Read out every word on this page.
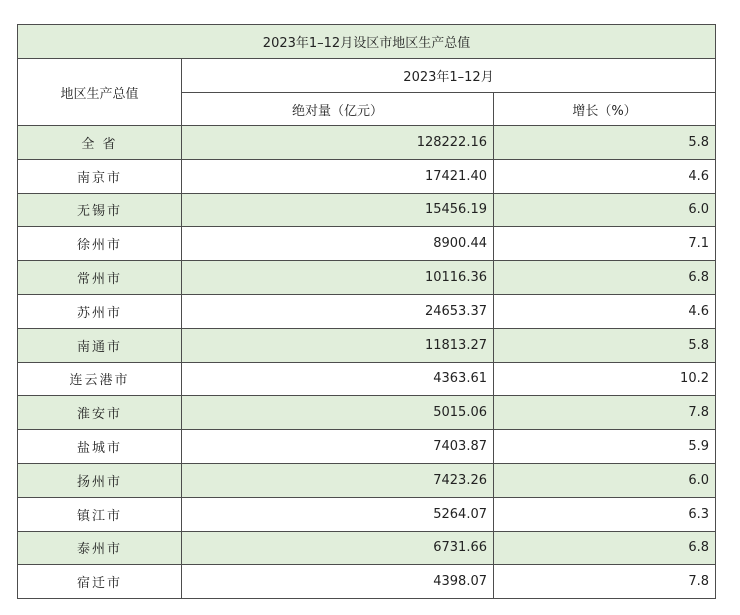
2023年1–12月设区市地区生产总值		
地区生产总值	2023年1–12月	
	绝对量（亿元）	增长（%）
全 省	128222.16	5.8
南京市	17421.40	4.6
无锡市	15456.19	6.0
徐州市	8900.44	7.1
常州市	10116.36	6.8
苏州市	24653.37	4.6
南通市	11813.27	5.8
连云港市	4363.61	10.2
淮安市	5015.06	7.8
盐城市	7403.87	5.9
扬州市	7423.26	6.0
镇江市	5264.07	6.3
泰州市	6731.66	6.8
宿迁市	4398.07	7.8
